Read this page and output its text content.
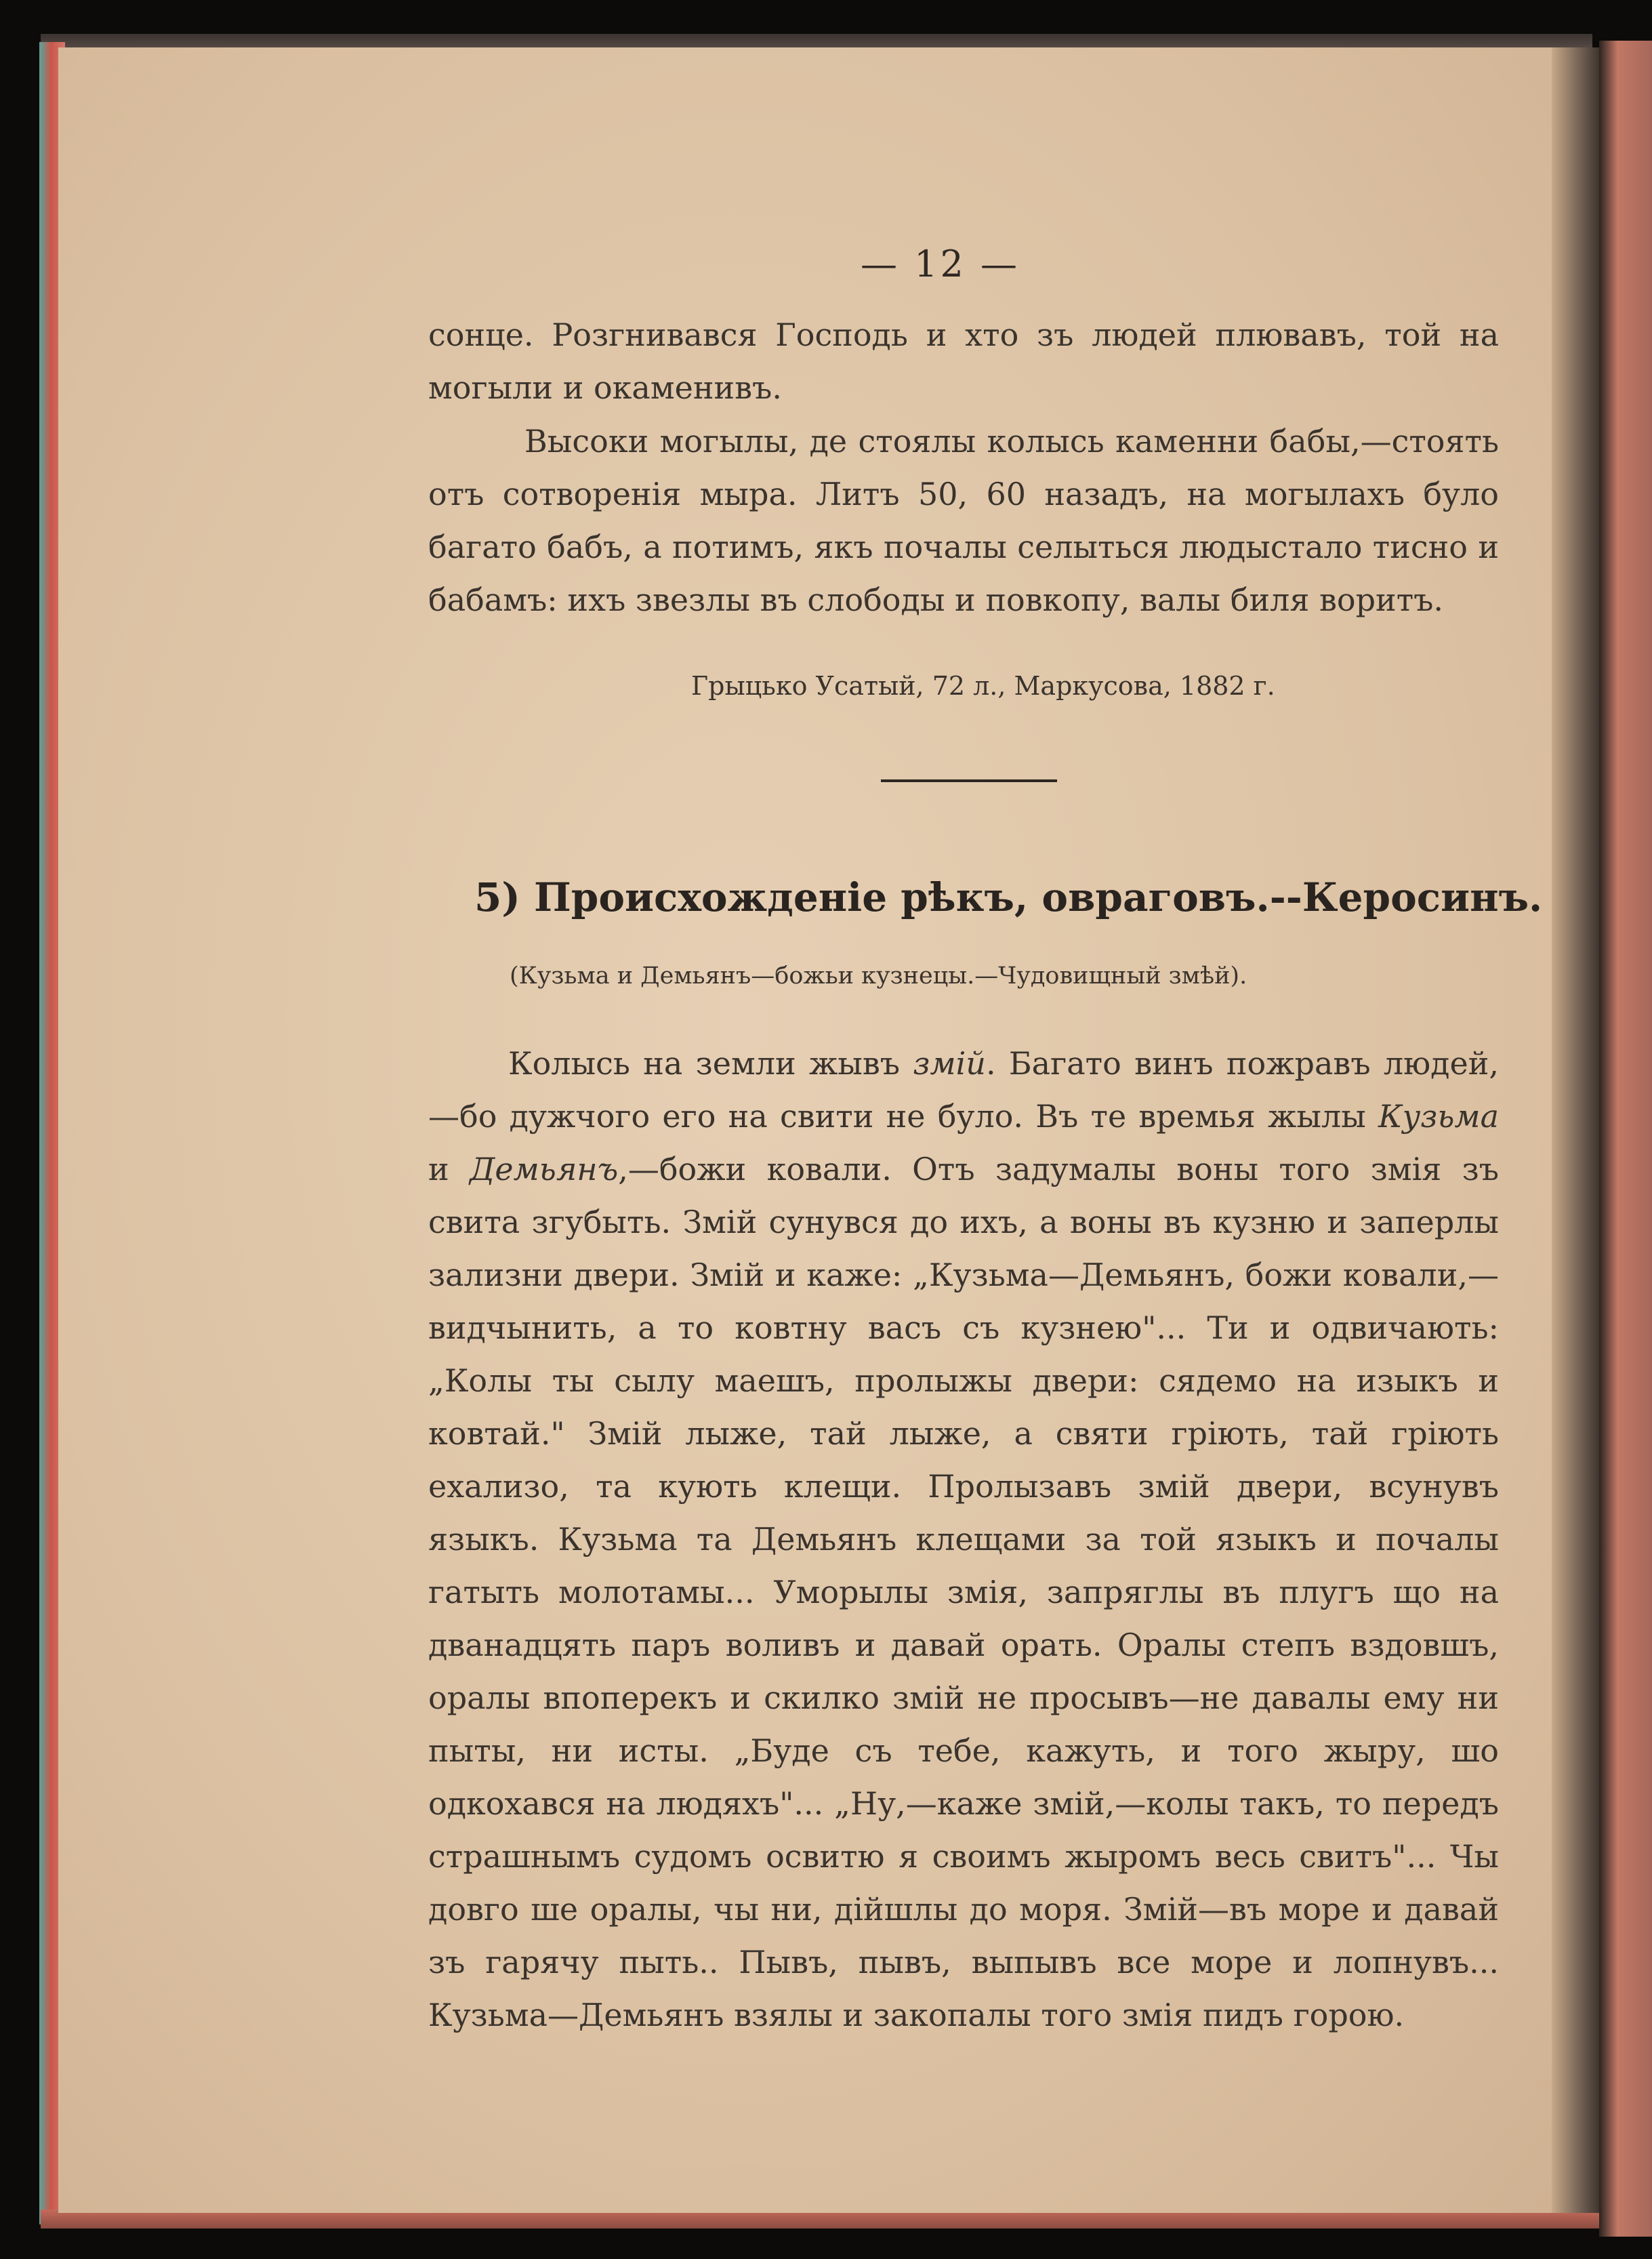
— 12 —

сонце. Розгнивався Господь и хто зъ людей плювавъ, той на могыли и окаменивъ.

Высоки могылы, де стоялы колысь каменни бабы,—стоять отъ сотворенія мыра. Литъ 50, 60 назадъ, на могылахъ було багато бабъ, а потимъ, якъ почалы селыться людыстало тисно и бабамъ: ихъ звезлы въ слободы и повкопу, валы биля воритъ.

Грыцько Усатый, 72 л., Маркусова, 1882 г.
5) Происхожденіе рѣкъ, овраговъ.--Керосинъ.
(Кузьма и Демьянъ—божьи кузнецы.—Чудовищный змѣй).

Колысь на земли жывъ змій. Багато винъ пожравъ людей,—бо дужчого его на свити не було. Въ те времья жылы Кузьма и Демьянъ,—божи ковали. Отъ задумалы воны того змія зъ свита згубыть. Змій сунувся до ихъ, а воны въ кузню и заперлы зализни двери. Змій и каже: „Кузьма—Демьянъ, божи ковали,—видчынить, а то ковтну васъ съ кузнею"... Ти и одвичають: „Колы ты сылу маешъ, пролыжы двери: сядемо на изыкъ и ковтай." Змій лыже, тай лыже, а святи гріють, тай гріють exализо, та кують клещи. Пролызавъ змій двери, всунувъ языкъ. Кузьма та Демьянъ клещами за той языкъ и почалы гатыть молотамы... Уморылы змія, запряглы въ плугъ що на дванадцять паръ воливъ и давай орать. Оралы степъ вздовшъ, оралы впоперекъ и скилко змій не просывъ—не давалы ему ни пыты, ни исты. „Буде съ тебе, кажуть, и того жыру, шо одкохався на людяхъ"... „Ну,—каже змій,—колы такъ, то передъ страшнымъ судомъ освитю я своимъ жыромъ весь свитъ"... Чы довго ше оралы, чы ни, дійшлы до моря. Змій—въ море и давай зъ гарячу пыть.. Пывъ, пывъ, выпывъ все море и лопнувъ... Кузьма—Демьянъ взялы и закопалы того змія пидъ горою.
